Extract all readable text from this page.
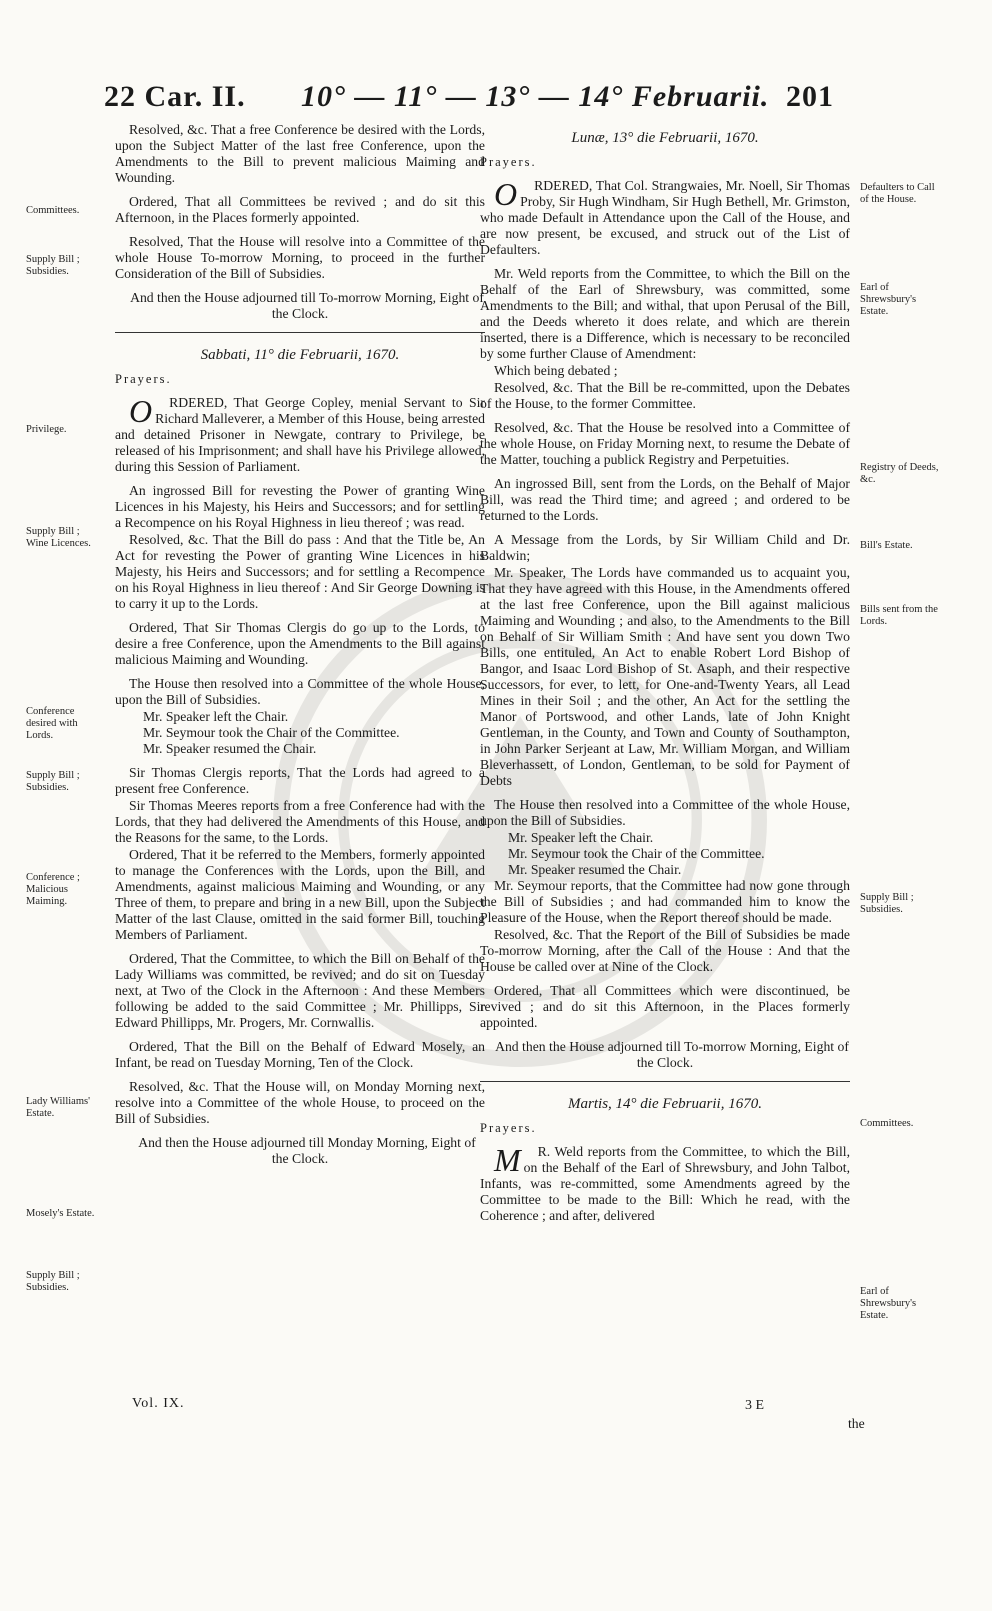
22 Car. II. 10° — 11° — 13° — 14° Februarii. 201

Resolved, &c. That a free Conference be desired with the Lords, upon the Subject Matter of the last free Conference, upon the Amendments to the Bill to prevent malicious Maiming and Wounding.

Ordered, That all Committees be revived ; and do sit this Afternoon, in the Places formerly appointed.

Resolved, That the House will resolve into a Committee of the whole House To-morrow Morning, to proceed in the further Consideration of the Bill of Subsidies.

And then the House adjourned till To-morrow Morning, Eight of the Clock.

Sabbati, 11° die Februarii, 1670.

Prayers.

O RDERED, That George Copley, menial Servant to Sir Richard Malleverer, a Member of this House, being arrested and detained Prisoner in Newgate, contrary to Privilege, be released of his Imprisonment; and shall have his Privilege allowed, during this Session of Parliament.

An ingrossed Bill for revesting the Power of granting Wine Licences in his Majesty, his Heirs and Successors; and for settling a Recompence on his Royal Highness in lieu thereof ; was read.

Resolved, &c. That the Bill do pass : And that the Title be, An Act for revesting the Power of granting Wine Licences in his Majesty, his Heirs and Successors; and for settling a Recompence on his Royal Highness in lieu thereof : And Sir George Downing is to carry it up to the Lords.

Ordered, That Sir Thomas Clergis do go up to the Lords, to desire a free Conference, upon the Amendments to the Bill against malicious Maiming and Wounding.

The House then resolved into a Committee of the whole House, upon the Bill of Subsidies.

Mr. Speaker left the Chair.

Mr. Seymour took the Chair of the Committee.

Mr. Speaker resumed the Chair.

Sir Thomas Clergis reports, That the Lords had agreed to a present free Conference.

Sir Thomas Meeres reports from a free Conference had with the Lords, that they had delivered the Amendments of this House, and the Reasons for the same, to the Lords.

Ordered, That it be referred to the Members, formerly appointed to manage the Conferences with the Lords, upon the Bill, and Amendments, against malicious Maiming and Wounding, or any Three of them, to prepare and bring in a new Bill, upon the Subject Matter of the last Clause, omitted in the said former Bill, touching Members of Parliament.

Ordered, That the Committee, to which the Bill on Behalf of the Lady Williams was committed, be revived; and do sit on Tuesday next, at Two of the Clock in the Afternoon : And these Members following be added to the said Committee ; Mr. Phillipps, Sir Edward Phillipps, Mr. Progers, Mr. Cornwallis.

Ordered, That the Bill on the Behalf of Edward Mosely, an Infant, be read on Tuesday Morning, Ten of the Clock.

Resolved, &c. That the House will, on Monday Morning next, resolve into a Committee of the whole House, to proceed on the Bill of Subsidies.

And then the House adjourned till Monday Morning, Eight of the Clock.

Committees.
Supply Bill ; Subsidies.
Privilege.
Supply Bill ; Wine Licences.
Conference desired with Lords.
Supply Bill ; Subsidies.
Conference ; Malicious Maiming.
Lady Williams' Estate.
Mosely's Estate.
Supply Bill ; Subsidies.
Lunæ, 13° die Februarii, 1670.

Prayers.

O RDERED, That Col. Strangwaies, Mr. Noell, Sir Thomas Proby, Sir Hugh Windham, Sir Hugh Bethell, Mr. Grimston, who made Default in Attendance upon the Call of the House, and are now present, be excused, and struck out of the List of Defaulters.

Mr. Weld reports from the Committee, to which the Bill on the Behalf of the Earl of Shrewsbury, was committed, some Amendments to the Bill; and withal, that upon Perusal of the Bill, and the Deeds whereto it does relate, and which are therein inserted, there is a Difference, which is necessary to be reconciled by some further Clause of Amendment:

Which being debated ;

Resolved, &c. That the Bill be re-committed, upon the Debates of the House, to the former Committee.

Resolved, &c. That the House be resolved into a Committee of the whole House, on Friday Morning next, to resume the Debate of the Matter, touching a publick Registry and Perpetuities.

An ingrossed Bill, sent from the Lords, on the Behalf of Major Bill, was read the Third time; and agreed ; and ordered to be returned to the Lords.

A Message from the Lords, by Sir William Child and Dr. Baldwin;

Mr. Speaker, The Lords have commanded us to acquaint you, That they have agreed with this House, in the Amendments offered at the last free Conference, upon the Bill against malicious Maiming and Wounding ; and also, to the Amendments to the Bill on Behalf of Sir William Smith : And have sent you down Two Bills, one entituled, An Act to enable Robert Lord Bishop of Bangor, and Isaac Lord Bishop of St. Asaph, and their respective Successors, for ever, to lett, for One-and-Twenty Years, all Lead Mines in their Soil ; and the other, An Act for the settling the Manor of Portswood, and other Lands, late of John Knight Gentleman, in the County, and Town and County of Southampton, in John Parker Serjeant at Law, Mr. William Morgan, and William Bleverhassett, of London, Gentleman, to be sold for Payment of Debts

The House then resolved into a Committee of the whole House, upon the Bill of Subsidies.

Mr. Speaker left the Chair.

Mr. Seymour took the Chair of the Committee.

Mr. Speaker resumed the Chair.

Mr. Seymour reports, that the Committee had now gone through the Bill of Subsidies ; and had commanded him to know the Pleasure of the House, when the Report thereof should be made.

Resolved, &c. That the Report of the Bill of Subsidies be made To-morrow Morning, after the Call of the House : And that the House be called over at Nine of the Clock.

Ordered, That all Committees which were discontinued, be revived ; and do sit this Afternoon, in the Places formerly appointed.

And then the House adjourned till To-morrow Morning, Eight of the Clock.

Martis, 14° die Februarii, 1670.

Prayers.

M R. Weld reports from the Committee, to which the Bill, on the Behalf of the Earl of Shrewsbury, and John Talbot, Infants, was re-committed, some Amendments agreed by the Committee to be made to the Bill: Which he read, with the Coherence ; and after, delivered

Defaulters to Call of the House.
Earl of Shrewsbury's Estate.
Registry of Deeds, &c.
Bill's Estate.
Bills sent from the Lords.
Supply Bill ; Subsidies.
Committees.
Earl of Shrewsbury's Estate.
Vol. IX.	3 E
the
